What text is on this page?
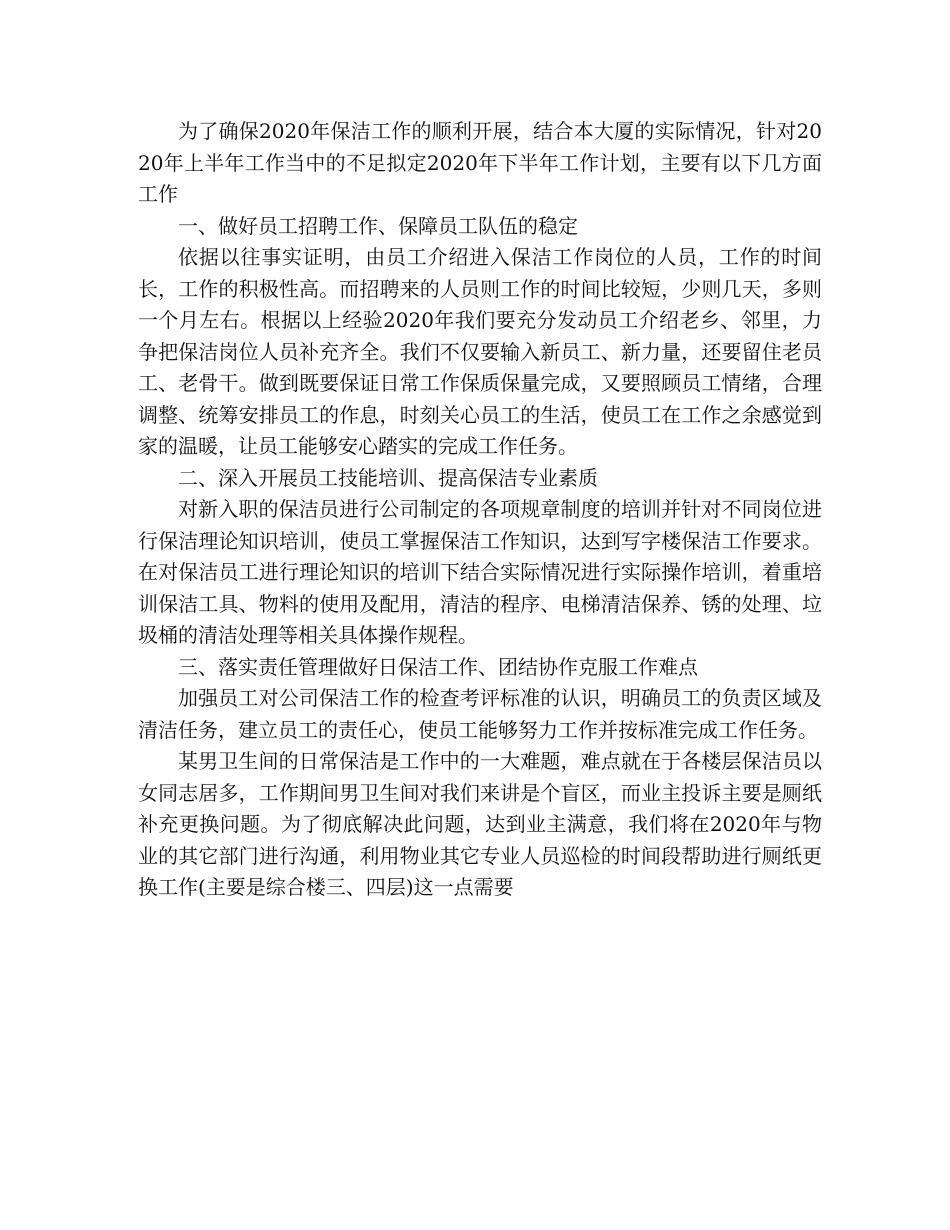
为了确保2020年保洁工作的顺利开展，结合本大厦的实际情况，针对2020年上半年工作当中的不足拟定2020年下半年工作计划，主要有以下几方面工作

一、做好员工招聘工作、保障员工队伍的稳定

依据以往事实证明，由员工介绍进入保洁工作岗位的人员，工作的时间长，工作的积极性高。而招聘来的人员则工作的时间比较短，少则几天，多则一个月左右。根据以上经验2020年我们要充分发动员工介绍老乡、邻里，力争把保洁岗位人员补充齐全。我们不仅要输入新员工、新力量，还要留住老员工、老骨干。做到既要保证日常工作保质保量完成，又要照顾员工情绪，合理调整、统筹安排员工的作息，时刻关心员工的生活，使员工在工作之余感觉到家的温暖，让员工能够安心踏实的完成工作任务。

二、深入开展员工技能培训、提高保洁专业素质

对新入职的保洁员进行公司制定的各项规章制度的培训并针对不同岗位进行保洁理论知识培训，使员工掌握保洁工作知识，达到写字楼保洁工作要求。在对保洁员工进行理论知识的培训下结合实际情况进行实际操作培训，着重培训保洁工具、物料的使用及配用，清洁的程序、电梯清洁保养、锈的处理、垃圾桶的清洁处理等相关具体操作规程。

三、落实责任管理做好日保洁工作、团结协作克服工作难点

加强员工对公司保洁工作的检查考评标准的认识，明确员工的负责区域及清洁任务，建立员工的责任心，使员工能够努力工作并按标准完成工作任务。

某男卫生间的日常保洁是工作中的一大难题，难点就在于各楼层保洁员以女同志居多，工作期间男卫生间对我们来讲是个盲区，而业主投诉主要是厕纸补充更换问题。为了彻底解决此问题，达到业主满意，我们将在2020年与物业的其它部门进行沟通，利用物业其它专业人员巡检的时间段帮助进行厕纸更换工作(主要是综合楼三、四层)这一点需要
